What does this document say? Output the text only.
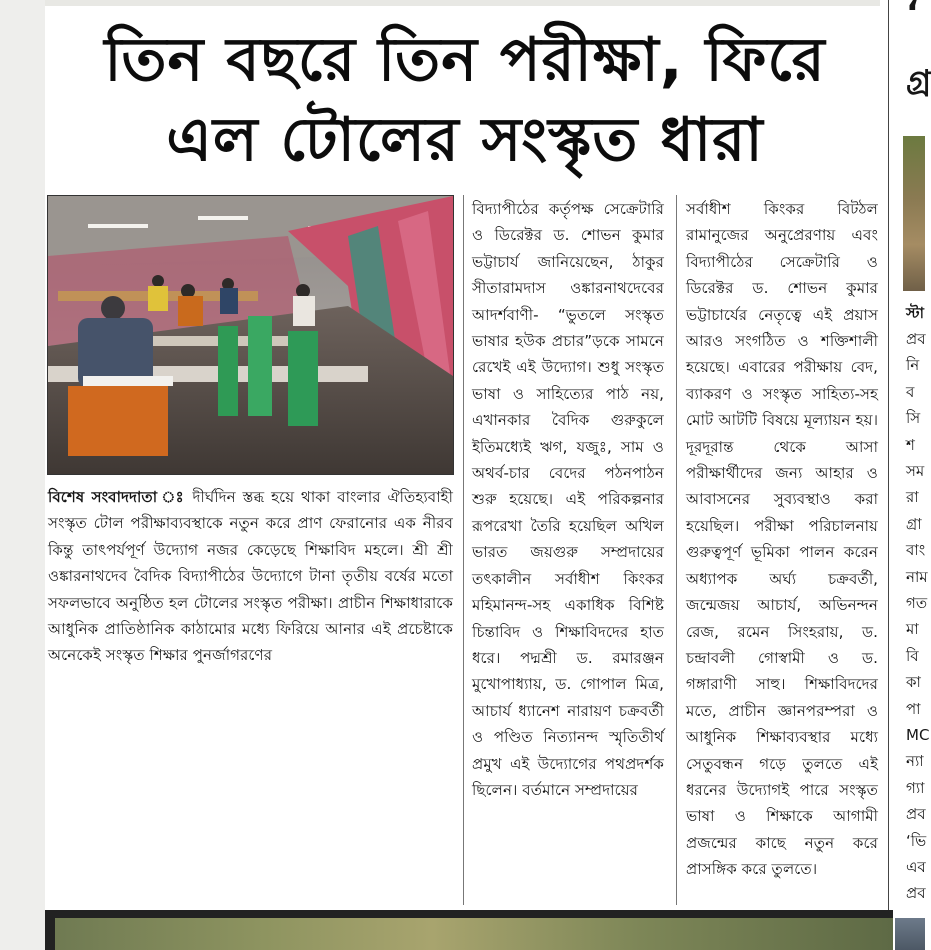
তিন বছরে তিন পরীক্ষা, ফিরে এল টোলের সংস্কৃত ধারা

বিশেষ সংবাদদাতা ঃ দীর্ঘদিন স্তব্ধ হয়ে থাকা বাংলার ঐতিহ্যবাহী সংস্কৃত টোল পরীক্ষাব্যবস্থাকে নতুন করে প্রাণ ফেরানোর এক নীরব কিন্তু তাৎপর্যপূর্ণ উদ্যোগ নজর কেড়েছে শিক্ষাবিদ মহলে। শ্রী শ্রী ওঙ্কারনাথদেব বৈদিক বিদ্যাপীঠের উদ্যোগে টানা তৃতীয় বর্ষের মতো সফলভাবে অনুষ্ঠিত হল টোলের সংস্কৃত পরীক্ষা। প্রাচীন শিক্ষাধারাকে আধুনিক প্রাতিষ্ঠানিক কাঠামোর মধ্যে ফিরিয়ে আনার এই প্রচেষ্টাকে অনেকেই সংস্কৃত শিক্ষার পুনর্জাগরণের

বিদ্যাপীঠের কর্তৃপক্ষ সেক্রেটারি ও ডিরেক্টর ড. শোভন কুমার ভট্টাচার্য জানিয়েছেন, ঠাকুর সীতারামদাস ওঙ্কারনাথদেবের আদর্শবাণী- “ভুতলে সংস্কৃত ভাষার হউক প্রচার”ড়কে সামনে রেখেই এই উদ্যোগ। শুধু সংস্কৃত ভাষা ও সাহিত্যের পাঠ নয়, এখানকার বৈদিক গুরুকুলে ইতিমধ্যেই ঋগ, যজুঃ, সাম ও অথর্ব-চার বেদের পঠনপাঠন শুরু হয়েছে। এই পরিকল্পনার রূপরেখা তৈরি হয়েছিল অখিল ভারত জয়গুরু সম্প্রদায়ের তৎকালীন সর্বাধীশ কিংকর মহিমানন্দ-সহ একাধিক বিশিষ্ট চিন্তাবিদ ও শিক্ষাবিদদের হাত ধরে। পদ্মশ্রী ড. রমারঞ্জন মুখোপাধ্যায়, ড. গোপাল মিত্র, আচার্য ধ্যানেশ নারায়ণ চক্রবর্তী ও পণ্ডিত নিত্যানন্দ স্মৃতিতীর্থ প্রমুখ এই উদ্যোগের পথপ্রদর্শক ছিলেন। বর্তমানে সম্প্রদায়ের

সর্বাধীশ কিংকর বিটঠল রামানুজের অনুপ্রেরণায় এবং বিদ্যাপীঠের সেক্রেটারি ও ডিরেক্টর ড. শোভন কুমার ভট্টাচার্যের নেতৃত্বে এই প্রয়াস আরও সংগঠিত ও শক্তিশালী হয়েছে। এবারের পরীক্ষায় বেদ, ব্যাকরণ ও সংস্কৃত সাহিত্য-সহ মোট আটটি বিষয়ে মূল্যায়ন হয়। দূরদূরান্ত থেকে আসা পরীক্ষার্থীদের জন্য আহার ও আবাসনের সুব্যবস্থাও করা হয়েছিল। পরীক্ষা পরিচালনায় গুরুত্বপূর্ণ ভূমিকা পালন করেন অধ্যাপক অর্ঘ্য চক্রবর্তী, জন্মেজয় আচার্য, অভিনন্দন রেজ, রমেন সিংহরায়, ড. চন্দ্রাবলী গোস্বামী ও ড. গঙ্গারাণী সাহু। শিক্ষাবিদদের মতে, প্রাচীন জ্ঞানপরম্পরা ও আধুনিক শিক্ষাব্যবস্থার মধ্যে সেতুবন্ধন গড়ে তুলতে এই ধরনের উদ্যোগই পারে সংস্কৃত ভাষা ও শিক্ষাকে আগামী প্রজন্মের কাছে নতুন করে প্রাসঙ্গিক করে তুলতে।

‘
গ্র
স্টা
প্রব
নি
ব
সি
শ
সম
রা
গ্রা
বাং
নাম
গত
মা
বি
কা
পা
MC
ন্যা
গ্যা
প্রব
‘ভি
এব
প্রব
